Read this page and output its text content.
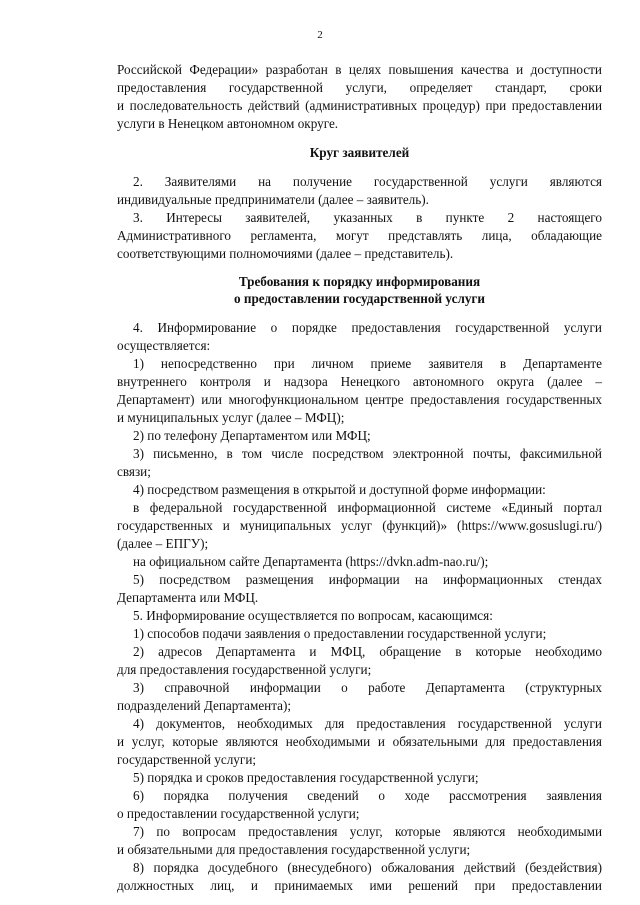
2
Российской Федерации» разработан в целях повышения качества и доступности
предоставления государственной услуги, определяет стандарт, сроки
и последовательность действий (административных процедур) при предоставлении
услуги в Ненецком автономном округе.
Круг заявителей
2. Заявителями на получение государственной услуги являются
индивидуальные предприниматели (далее – заявитель).
3. Интересы заявителей, указанных в пункте 2 настоящего
Административного регламента, могут представлять лица, обладающие
соответствующими полномочиями (далее – представитель).
Требования к порядку информирования
о предоставлении государственной услуги
4. Информирование о порядке предоставления государственной услуги
осуществляется:
1) непосредственно при личном приеме заявителя в Департаменте
внутреннего контроля и надзора Ненецкого автономного округа (далее –
Департамент) или многофункциональном центре предоставления государственных
и муниципальных услуг (далее – МФЦ);
2) по телефону Департаментом или МФЦ;
3) письменно, в том числе посредством электронной почты, факсимильной
связи;
4) посредством размещения в открытой и доступной форме информации:
в федеральной государственной информационной системе «Единый портал
государственных и муниципальных услуг (функций)» (https://www.gosuslugi.ru/)
(далее – ЕПГУ);
на официальном сайте Департамента (https://dvkn.adm-nao.ru/);
5) посредством размещения информации на информационных стендах
Департамента или МФЦ.
5. Информирование осуществляется по вопросам, касающимся:
1) способов подачи заявления о предоставлении государственной услуги;
2) адресов Департамента и МФЦ, обращение в которые необходимо
для предоставления государственной услуги;
3) справочной информации о работе Департамента (структурных
подразделений Департамента);
4) документов, необходимых для предоставления государственной услуги
и услуг, которые являются необходимыми и обязательными для предоставления
государственной услуги;
5) порядка и сроков предоставления государственной услуги;
6) порядка получения сведений о ходе рассмотрения заявления
о предоставлении государственной услуги;
7) по вопросам предоставления услуг, которые являются необходимыми
и обязательными для предоставления государственной услуги;
8) порядка досудебного (внесудебного) обжалования действий (бездействия)
должностных лиц, и принимаемых ими решений при предоставлении
